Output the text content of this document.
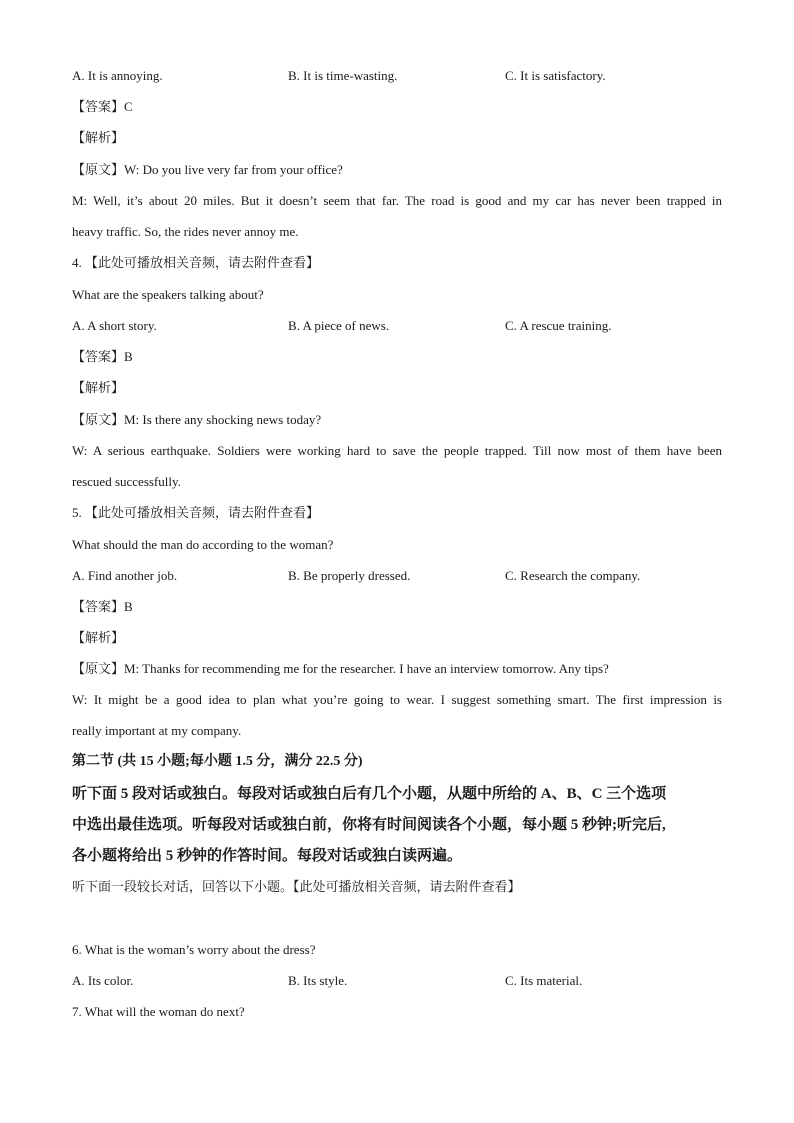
A. It is annoying.	B. It is time-wasting.	C. It is satisfactory.
【答案】C
【解析】
【原文】W: Do you live very far from your office?
M: Well, it’s about 20 miles. But it doesn’t seem that far. The road is good and my car has never been trapped in
heavy traffic. So, the rides never annoy me.
4. 【此处可播放相关音频，请去附件查看】
What are the speakers talking about?
A. A short story.	B. A piece of news.	C. A rescue training.
【答案】B
【解析】
【原文】M: Is there any shocking news today?
W: A serious earthquake. Soldiers were working hard to save the people trapped. Till now most of them have been
rescued successfully.
5. 【此处可播放相关音频，请去附件查看】
What should the man do according to the woman?
A. Find another job.	B. Be properly dressed.	C. Research the company.
【答案】B
【解析】
【原文】M: Thanks for recommending me for the researcher. I have an interview tomorrow. Any tips?
W: It might be a good idea to plan what you’re going to wear. I suggest something smart. The first impression is
really important at my company.
第二节 (共 15 小题;每小题 1.5 分，满分 22.5 分)
听下面 5 段对话或独白。每段对话或独白后有几个小题，从题中所给的 A、B、C 三个选项
中选出最佳选项。听每段对话或独白前，你将有时间阅读各个小题，每小题 5 秒钟;听完后,
各小题将给出 5 秒钟的作答时间。每段对话或独白读两遍。
听下面一段较长对话，回答以下小题。【此处可播放相关音频，请去附件查看】
6. What is the woman’s worry about the dress?
A. Its color.	B. Its style.	C. Its material.
7. What will the woman do next?
